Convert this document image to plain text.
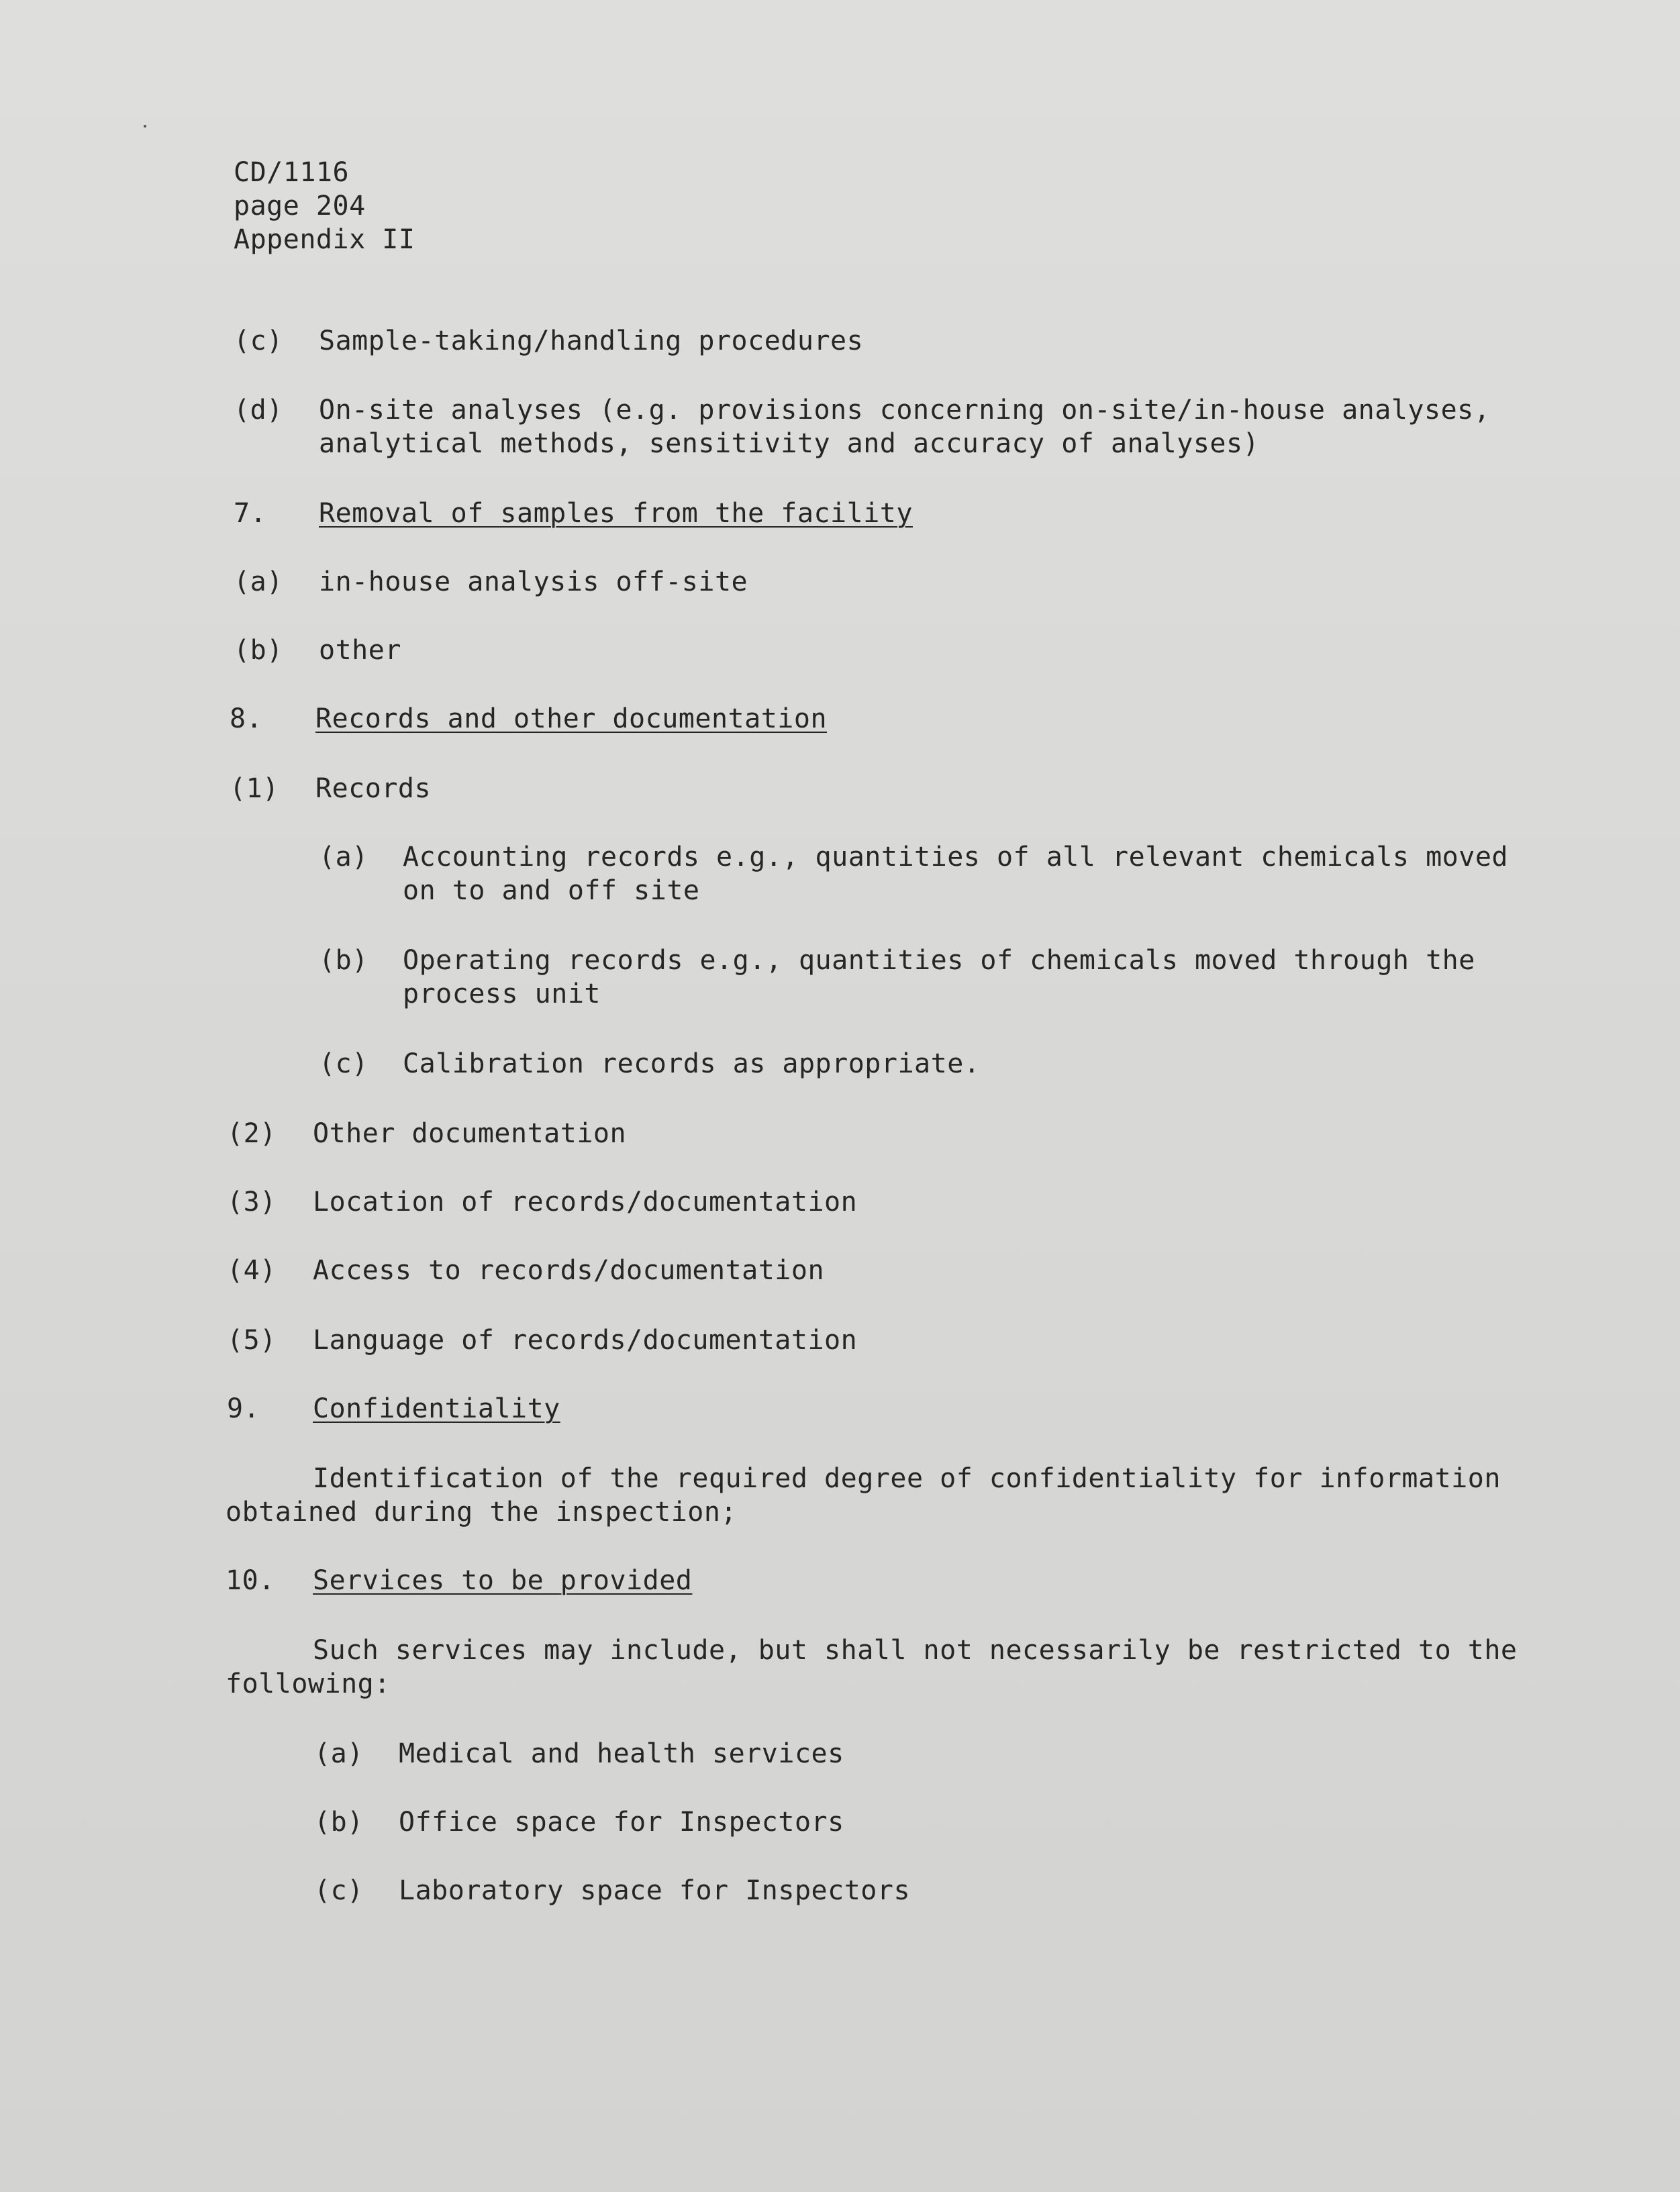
CD/1116
page 204
Appendix II
(c) Sample-taking/handling procedures
(d) On-site analyses (e.g. provisions concerning on-site/in-house analyses,
analytical methods, sensitivity and accuracy of analyses)
7. Removal of samples from the facility
(a) in-house analysis off-site
(b) other
8. Records and other documentation
(1) Records
(a) Accounting records e.g., quantities of all relevant chemicals moved
on to and off site
(b) Operating records e.g., quantities of chemicals moved through the
process unit
(c) Calibration records as appropriate.
(2) Other documentation
(3) Location of records/documentation
(4) Access to records/documentation
(5) Language of records/documentation
9. Confidentiality
Identification of the required degree of confidentiality for information
obtained during the inspection;
10. Services to be provided
Such services may include, but shall not necessarily be restricted to the
following:
(a) Medical and health services
(b) Office space for Inspectors
(c) Laboratory space for Inspectors
